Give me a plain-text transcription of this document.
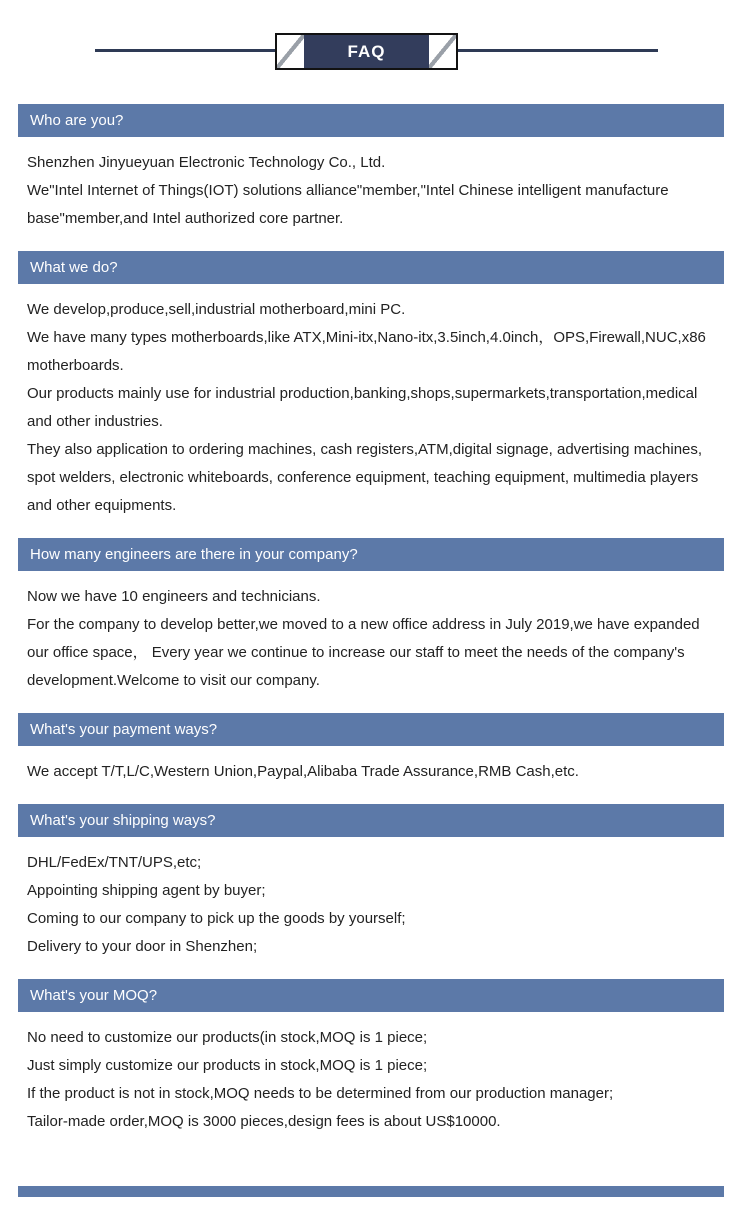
FAQ
Who are you?

Shenzhen Jinyueyuan Electronic Technology Co., Ltd.

We"Intel Internet of Things(IOT) solutions alliance"member,"Intel Chinese intelligent manufacture base"member,and Intel authorized core partner.

What we do?

We develop,produce,sell,industrial motherboard,mini PC.

We have many types motherboards,like ATX,Mini-itx,Nano-itx,3.5inch,4.0inch，OPS,Firewall,NUC,x86 motherboards.

Our products mainly use for industrial production,banking,shops,supermarkets,transportation,medical and other industries.

They also application to ordering machines, cash registers,ATM,digital signage, advertising machines, spot welders, electronic whiteboards, conference equipment, teaching equipment, multimedia players and other equipments.

How many engineers are there in your company?

Now we have 10 engineers and technicians.

For the company to develop better,we moved to a new office address in July 2019,we have expanded our office space， Every year we continue to increase our staff to meet the needs of the company's development.Welcome to visit our company.

What's your payment ways?

We accept T/T,L/C,Western Union,Paypal,Alibaba Trade Assurance,RMB Cash,etc.

What's your shipping ways?

DHL/FedEx/TNT/UPS,etc;

Appointing shipping agent by buyer;

Coming to our company to pick up the goods by yourself;

Delivery to your door in Shenzhen;

What's your MOQ?

No need to customize our products(in stock,MOQ is 1 piece;

Just simply customize our products in stock,MOQ is 1 piece;

If the product is not in stock,MOQ needs to be determined from our production manager;

Tailor-made order,MOQ is 3000 pieces,design fees is about US$10000.
